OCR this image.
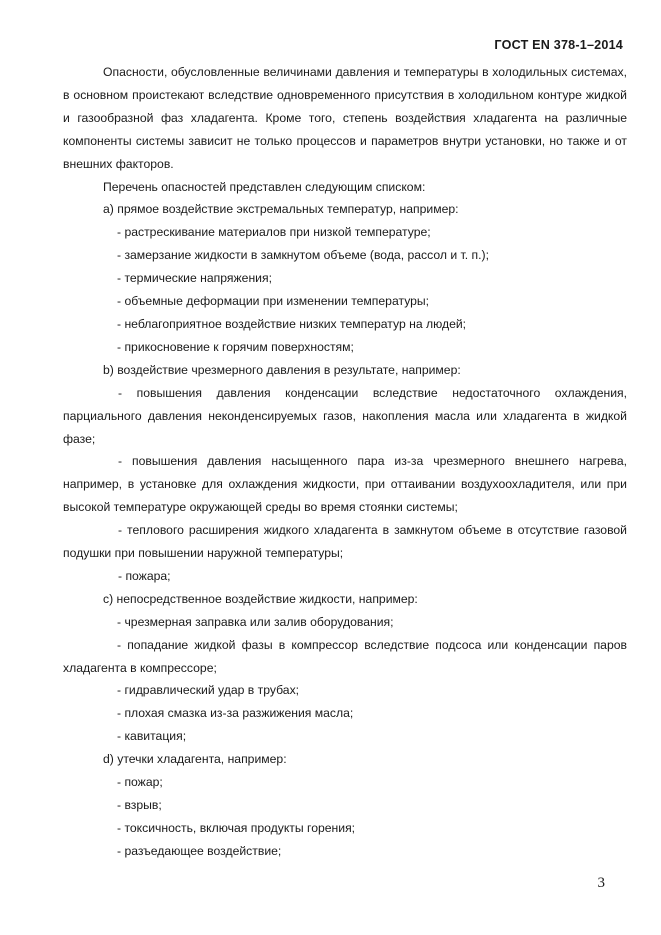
ГОСТ EN 378-1–2014

Опасности, обусловленные величинами давления и температуры в холодильных системах, в основном проистекают вследствие одновременного присутствия в холодильном контуре жидкой и газообразной фаз хладагента. Кроме того, степень воздействия хладагента на различные компоненты системы зависит не только процессов и параметров внутри установки, но также и от внешних факторов.

Перечень опасностей представлен следующим списком:

a) прямое воздействие экстремальных температур, например:

- растрескивание материалов при низкой температуре;

- замерзание жидкости в замкнутом объеме (вода, рассол и т. п.);

- термические напряжения;

- объемные деформации при изменении температуры;

- неблагоприятное воздействие низких температур на людей;

- прикосновение к горячим поверхностям;

b) воздействие чрезмерного давления в результате, например:

- повышения давления конденсации вследствие недостаточного охлаждения, парциального давления неконденсируемых газов, накопления масла или хладагента в жидкой фазе;

- повышения давления насыщенного пара из-за чрезмерного внешнего нагрева, например, в установке для охлаждения жидкости, при оттаивании воздухоохладителя, или при высокой температуре окружающей среды во время стоянки системы;

- теплового расширения жидкого хладагента в замкнутом объеме в отсутствие газовой подушки при повышении наружной температуры;

- пожара;

c) непосредственное воздействие жидкости, например:

- чрезмерная заправка или залив оборудования;

- попадание жидкой фазы в компрессор вследствие подсоса или конденсации паров хладагента в компрессоре;

- гидравлический удар в трубах;

- плохая смазка из-за разжижения масла;

- кавитация;

d) утечки хладагента, например:

- пожар;

- взрыв;

- токсичность, включая продукты горения;

- разъедающее воздействие;

3
